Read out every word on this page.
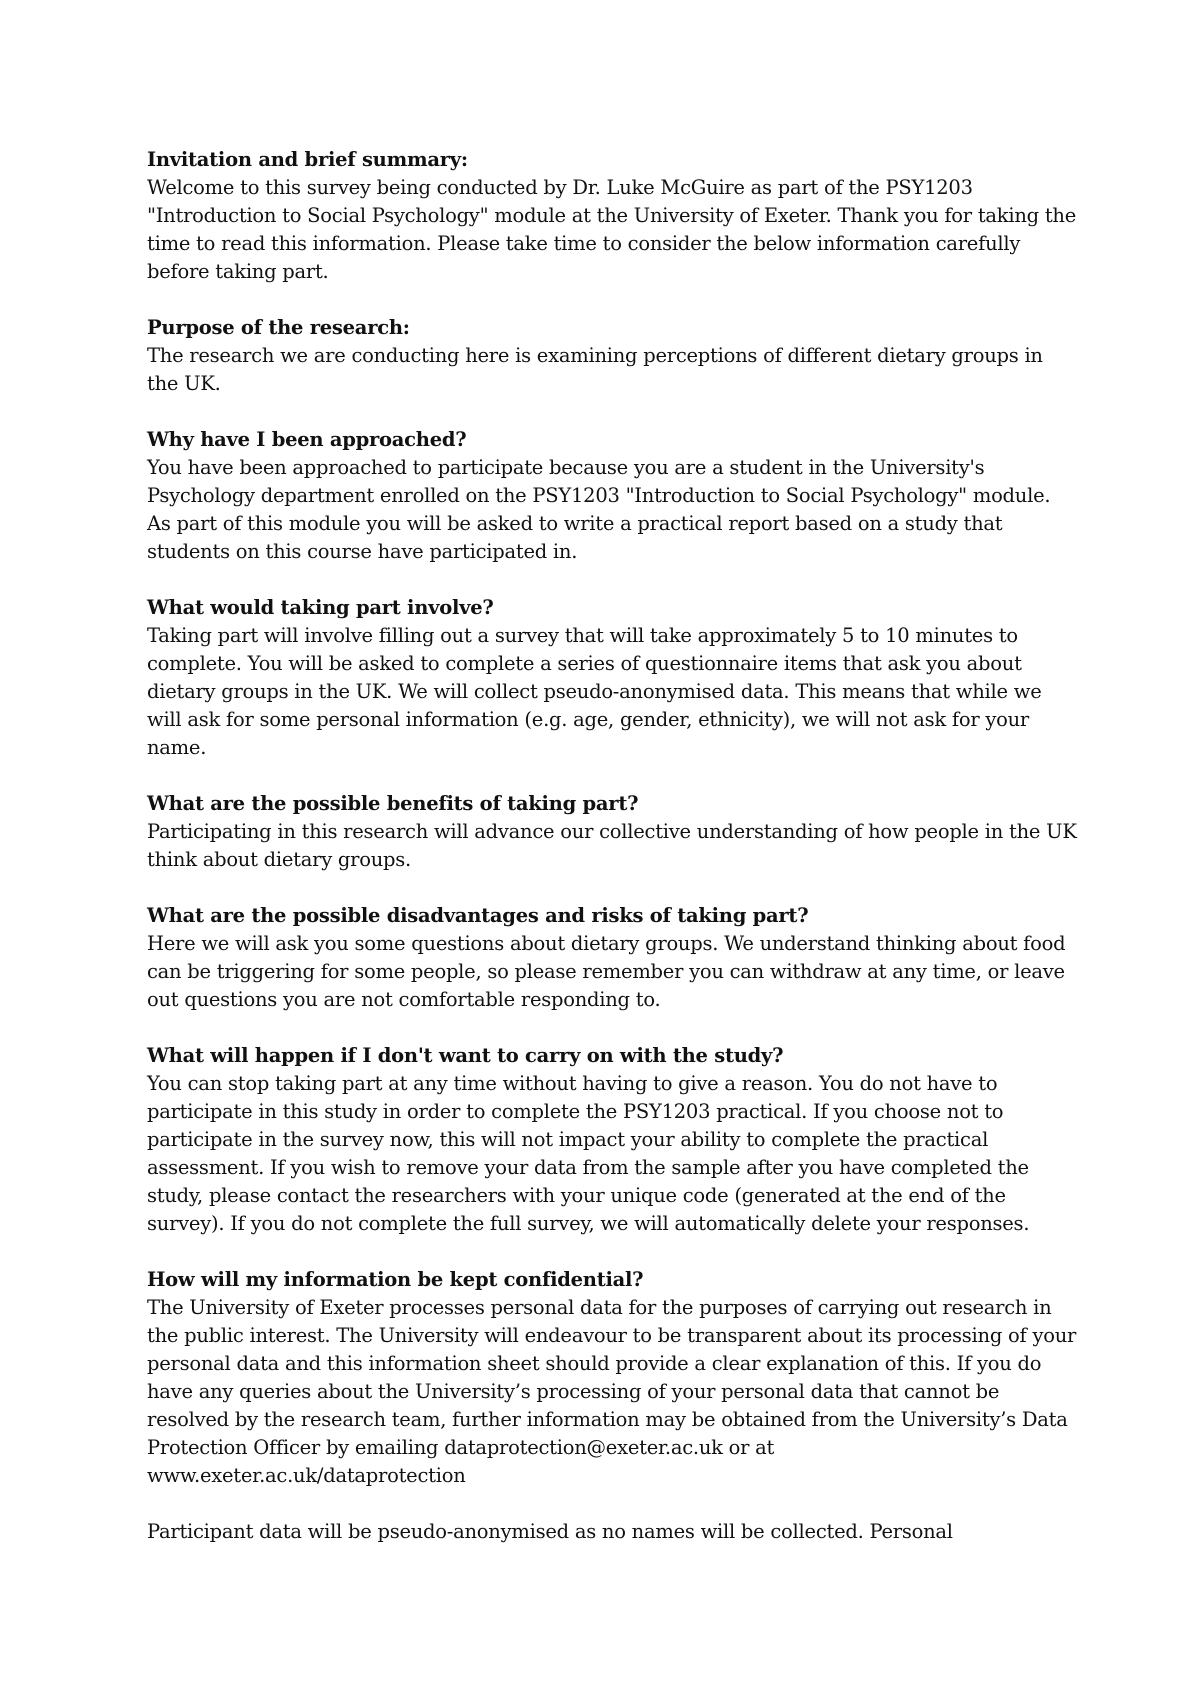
Invitation and brief summary:

Welcome to this survey being conducted by Dr. Luke McGuire as part of the PSY1203 "Introduction to Social Psychology" module at the University of Exeter. Thank you for taking the time to read this information. Please take time to consider the below information carefully before taking part.

Purpose of the research:

The research we are conducting here is examining perceptions of different dietary groups in the UK.

Why have I been approached?

You have been approached to participate because you are a student in the University's Psychology department enrolled on the PSY1203 "Introduction to Social Psychology" module. As part of this module you will be asked to write a practical report based on a study that students on this course have participated in.

What would taking part involve?

Taking part will involve filling out a survey that will take approximately 5 to 10 minutes to complete. You will be asked to complete a series of questionnaire items that ask you about dietary groups in the UK. We will collect pseudo-anonymised data. This means that while we will ask for some personal information (e.g. age, gender, ethnicity), we will not ask for your name.

What are the possible benefits of taking part?

Participating in this research will advance our collective understanding of how people in the UK think about dietary groups.

What are the possible disadvantages and risks of taking part?

Here we will ask you some questions about dietary groups. We understand thinking about food can be triggering for some people, so please remember you can withdraw at any time, or leave out questions you are not comfortable responding to.

What will happen if I don't want to carry on with the study?

You can stop taking part at any time without having to give a reason. You do not have to participate in this study in order to complete the PSY1203 practical. If you choose not to participate in the survey now, this will not impact your ability to complete the practical assessment. If you wish to remove your data from the sample after you have completed the study, please contact the researchers with your unique code (generated at the end of the survey). If you do not complete the full survey, we will automatically delete your responses.

How will my information be kept confidential?

The University of Exeter processes personal data for the purposes of carrying out research in the public interest. The University will endeavour to be transparent about its processing of your personal data and this information sheet should provide a clear explanation of this. If you do have any queries about the University’s processing of your personal data that cannot be resolved by the research team, further information may be obtained from the University’s Data Protection Officer by emailing dataprotection@exeter.ac.uk or at www.exeter.ac.uk/dataprotection

Participant data will be pseudo-anonymised as no names will be collected. Personal
